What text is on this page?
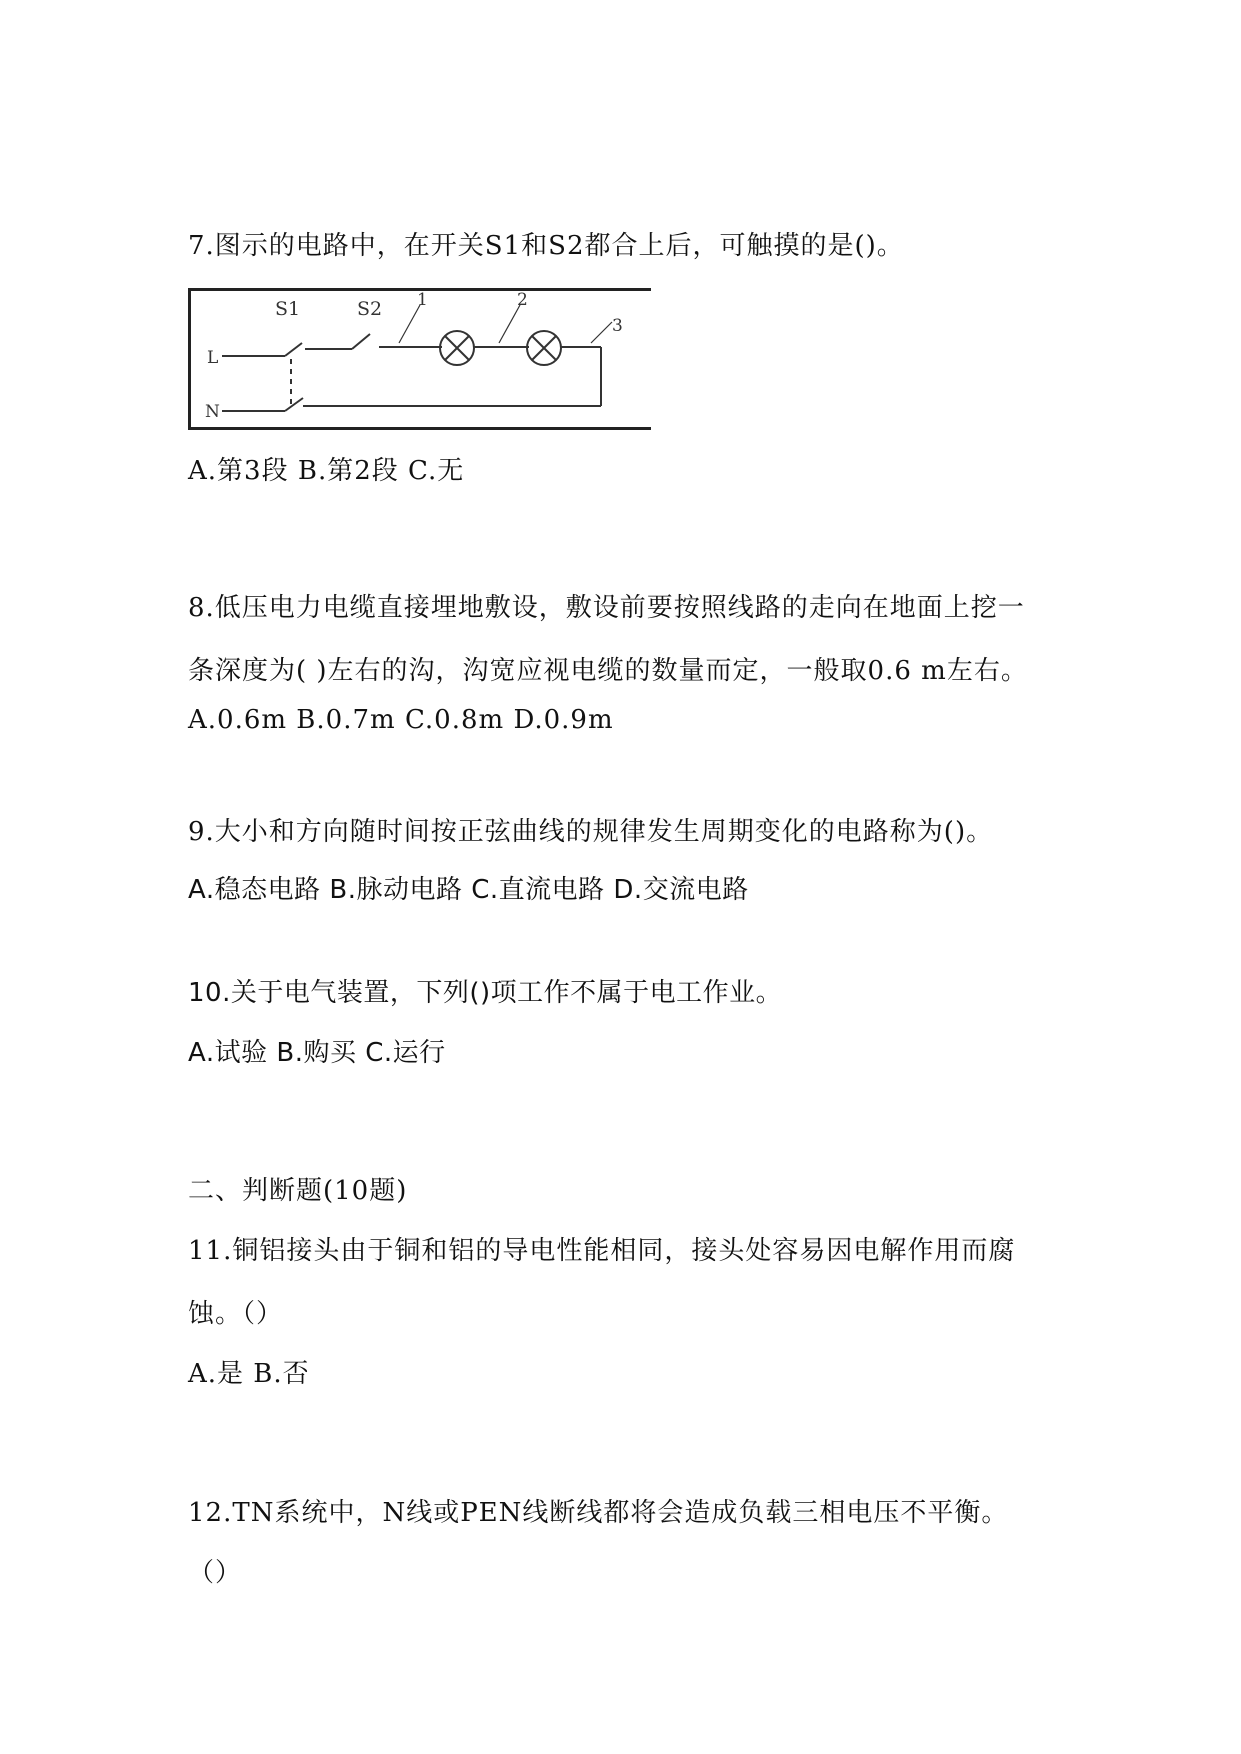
7.图示的电路中，在开关S1和S2都合上后，可触摸的是()。
S1	S2
L
N
1	2
3
A.第3段 B.第2段 C.无
8.低压电力电缆直接埋地敷设，敷设前要按照线路的走向在地面上挖一
条深度为( )左右的沟，沟宽应视电缆的数量而定，一般取0.6 m左右。
A.0.6m B.0.7m C.0.8m D.0.9m
9.大小和方向随时间按正弦曲线的规律发生周期变化的电路称为()。
A.稳态电路 B.脉动电路 C.直流电路 D.交流电路
10.关于电气装置，下列()项工作不属于电工作业。
A.试验 B.购买 C.运行
二、判断题(10题)
11.铜铝接头由于铜和铝的导电性能相同，接头处容易因电解作用而腐
蚀。（）
A.是 B.否
12.TN系统中，N线或PEN线断线都将会造成负载三相电压不平衡。
（）
